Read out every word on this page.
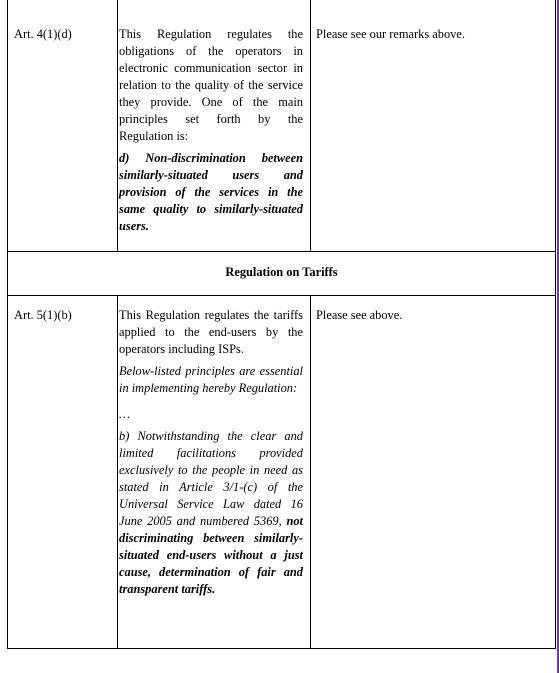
Art. 4(1)(d)	This Regulation regulates the obligations of the operators in electronic communication sector in relation to the quality of the service they provide. One of the main principles set forth by the Regulation is:

d) Non-discrimination between similarly-situated users and provision of the services in the same quality to similarly-situated users.

Please see our remarks above.

Regulation on Tariffs

Art. 5(1)(b)	This Regulation regulates the tariffs applied to the end-users by the operators including ISPs.

Below-listed principles are essential in implementing hereby Regulation:

…

b) Notwithstanding the clear and limited facilitations provided exclusively to the people in need as stated in Article 3/1-(c) of the Universal Service Law dated 16 June 2005 and numbered 5369, not discriminating between similarly-situated end-users without a just cause, determination of fair and transparent tariffs.

Please see above.
